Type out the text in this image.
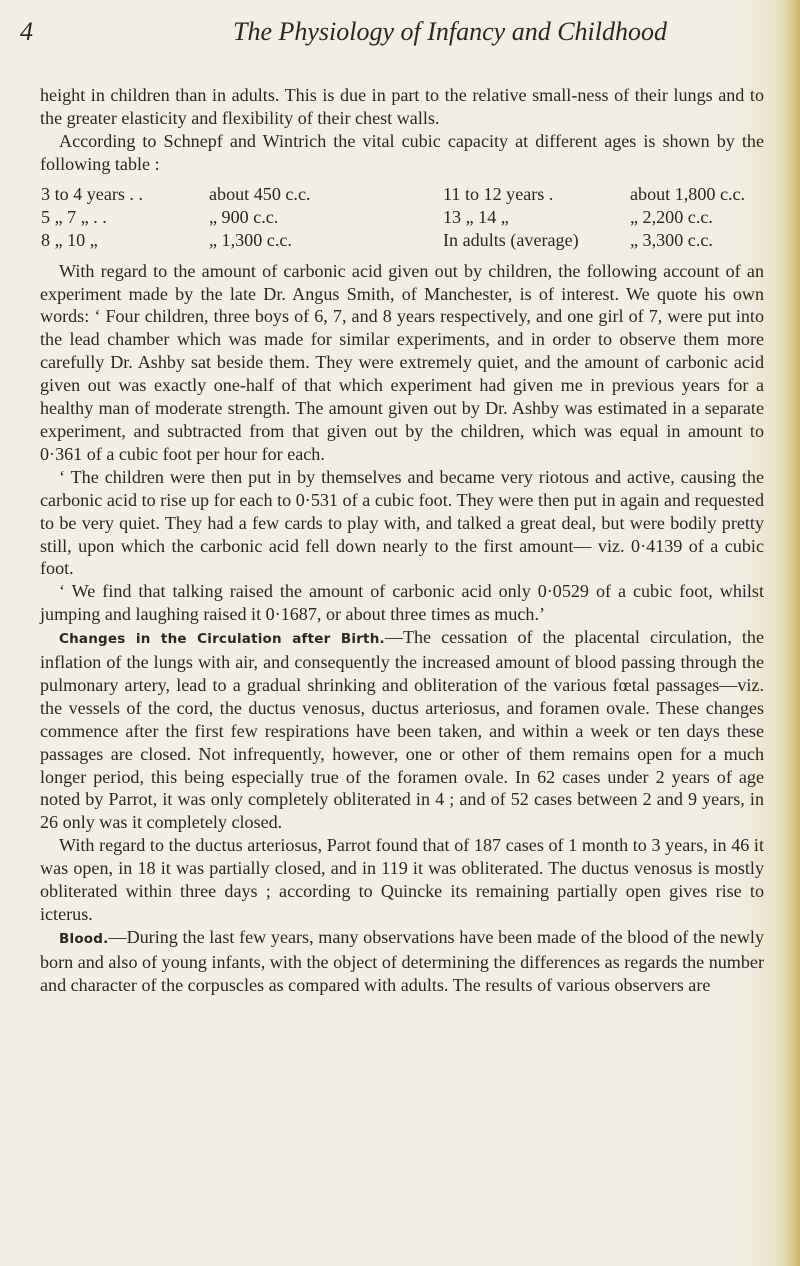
4	The Physiology of Infancy and Childhood

height in children than in adults. This is due in part to the relative small-ness of their lungs and to the greater elasticity and flexibility of their chest walls.

According to Schnepf and Wintrich the vital cubic capacity at different ages is shown by the following table :

3 to 4 years . .	about 450 c.c.	11 to 12 years .	about 1,800 c.c.
5 „ 7 „ . .	„ 900 c.c.	13 „ 14 „	„ 2,200 c.c.
8 „ 10 „	„ 1,300 c.c.	In adults (average)	„ 3,300 c.c.

With regard to the amount of carbonic acid given out by children, the following account of an experiment made by the late Dr. Angus Smith, of Manchester, is of interest. We quote his own words: ‘ Four children, three boys of 6, 7, and 8 years respectively, and one girl of 7, were put into the lead chamber which was made for similar experiments, and in order to observe them more carefully Dr. Ashby sat beside them. They were extremely quiet, and the amount of carbonic acid given out was exactly one-half of that which experiment had given me in previous years for a healthy man of moderate strength. The amount given out by Dr. Ashby was estimated in a separate experiment, and subtracted from that given out by the children, which was equal in amount to 0·361 of a cubic foot per hour for each.

‘ The children were then put in by themselves and became very riotous and active, causing the carbonic acid to rise up for each to 0·531 of a cubic foot. They were then put in again and requested to be very quiet. They had a few cards to play with, and talked a great deal, but were bodily pretty still, upon which the carbonic acid fell down nearly to the first amount— viz. 0·4139 of a cubic foot.

‘ We find that talking raised the amount of carbonic acid only 0·0529 of a cubic foot, whilst jumping and laughing raised it 0·1687, or about three times as much.’

Changes in the Circulation after Birth.—The cessation of the placental circulation, the inflation of the lungs with air, and consequently the increased amount of blood passing through the pulmonary artery, lead to a gradual shrinking and obliteration of the various fœtal passages—viz. the vessels of the cord, the ductus venosus, ductus arteriosus, and foramen ovale. These changes commence after the first few respirations have been taken, and within a week or ten days these passages are closed. Not infrequently, however, one or other of them remains open for a much longer period, this being especially true of the foramen ovale. In 62 cases under 2 years of age noted by Parrot, it was only completely obliterated in 4 ; and of 52 cases between 2 and 9 years, in 26 only was it completely closed.

With regard to the ductus arteriosus, Parrot found that of 187 cases of 1 month to 3 years, in 46 it was open, in 18 it was partially closed, and in 119 it was obliterated. The ductus venosus is mostly obliterated within three days ; according to Quincke its remaining partially open gives rise to icterus.

Blood.—During the last few years, many observations have been made of the blood of the newly born and also of young infants, with the object of determining the differences as regards the number and character of the corpuscles as compared with adults. The results of various observers are
